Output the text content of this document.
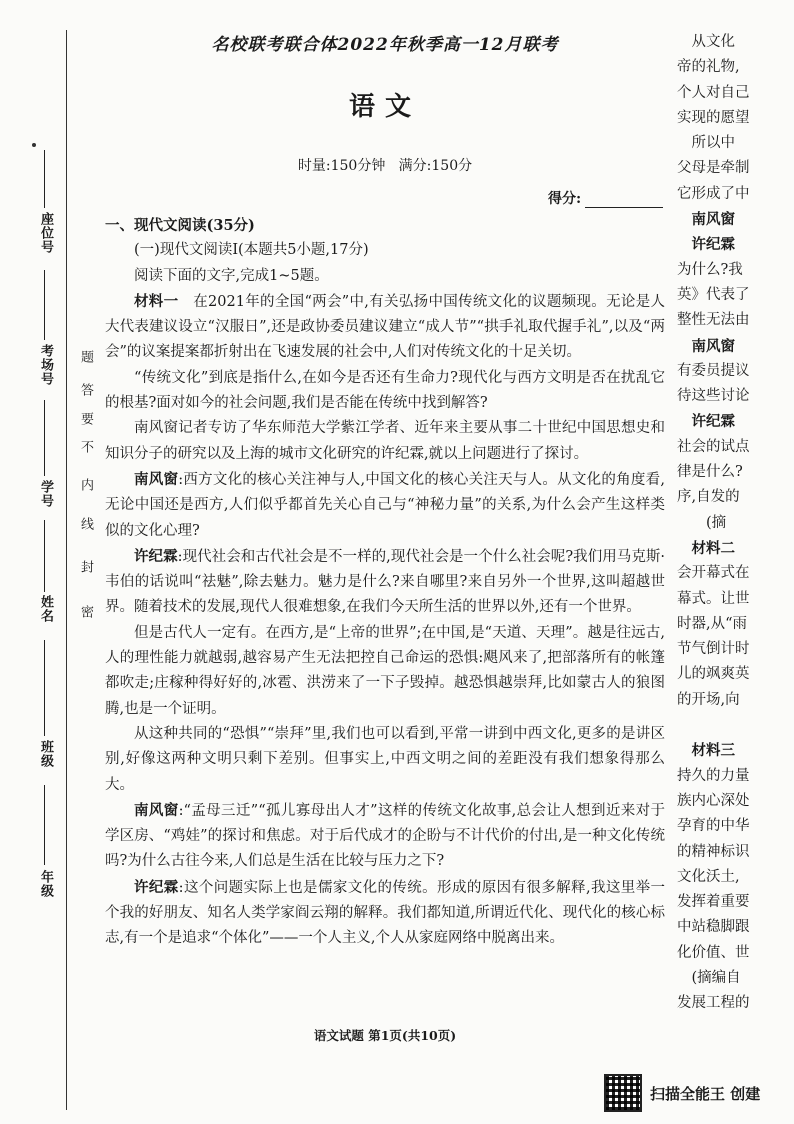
座位号
考场号
学号
姓名
班级
年级
密
封
线
内
不
要
答
题
名校联考联合体2022年秋季高一12月联考
语文
时量:150分钟   满分:150分
得分:

一、现代文阅读(35分)

(一)现代文阅读Ⅰ(本题共5小题,17分)

阅读下面的文字,完成1~5题。

材料一　 在2021年的全国“两会”中,有关弘扬中国传统文化的议题频现。无论是人大代表建议设立“汉服日”,还是政协委员建议建立“成人节”“拱手礼取代握手礼”,以及“两会”的议案提案都折射出在飞速发展的社会中,人们对传统文化的十足关切。

“传统文化”到底是指什么,在如今是否还有生命力?现代化与西方文明是否在扰乱它的根基?面对如今的社会问题,我们是否能在传统中找到解答?

南风窗记者专访了华东师范大学紫江学者、近年来主要从事二十世纪中国思想史和知识分子的研究以及上海的城市文化研究的许纪霖,就以上问题进行了探讨。

南风窗:西方文化的核心关注神与人,中国文化的核心关注天与人。从文化的角度看,无论中国还是西方,人们似乎都首先关心自己与“神秘力量”的关系,为什么会产生这样类似的文化心理?

许纪霖:现代社会和古代社会是不一样的,现代社会是一个什么社会呢?我们用马克斯·韦伯的话说叫“祛魅”,除去魅力。魅力是什么?来自哪里?来自另外一个世界,这叫超越世界。随着技术的发展,现代人很难想象,在我们今天所生活的世界以外,还有一个世界。

但是古代人一定有。在西方,是“上帝的世界”;在中国,是“天道、天理”。越是往远古,人的理性能力就越弱,越容易产生无法把控自己命运的恐惧:飓风来了,把部落所有的帐篷都吹走;庄稼种得好好的,冰雹、洪涝来了一下子毁掉。越恐惧越崇拜,比如蒙古人的狼图腾,也是一个证明。

从这种共同的“恐惧”“崇拜”里,我们也可以看到,平常一讲到中西文化,更多的是讲区别,好像这两种文明只剩下差别。但事实上,中西文明之间的差距没有我们想象得那么大。

南风窗:“孟母三迁”“孤儿寡母出人才”这样的传统文化故事,总会让人想到近来对于学区房、“鸡娃”的探讨和焦虑。对于后代成才的企盼与不计代价的付出,是一种文化传统吗?为什么古往今来,人们总是生活在比较与压力之下?

许纪霖:这个问题实际上也是儒家文化的传统。形成的原因有很多解释,我这里举一个我的好朋友、知名人类学家阎云翔的解释。我们都知道,所谓近代化、现代化的核心标志,有一个是追求“个体化”——一个人主义,个人从家庭网络中脱离出来。

语文试题 第1页(共10页)

　从文化

帝的礼物,

个人对自己

实现的愿望

　所以中

父母是牵制

它形成了中

　南风窗

　许纪霖

为什么?我

英》代表了

整性无法由

　南风窗

有委员提议

待这些讨论

　许纪霖

社会的试点

律是什么?

序,自发的

　　(摘

　材料二

会开幕式在

幕式。让世

时器,从“雨

节气倒计时

儿的飒爽英

的开场,向

　材料三

持久的力量

族内心深处

孕育的中华

的精神标识

文化沃土,

发挥着重要

中站稳脚跟

化价值、世

　(摘编自

发展工程的

扫描全能王 创建
